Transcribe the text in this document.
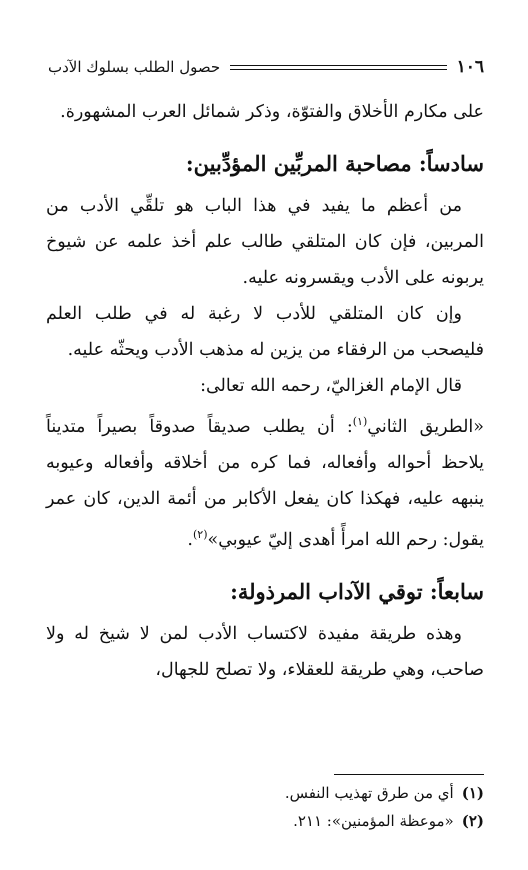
١٠٦
حصول الطلب بسلوك الآدب

على مكارم الأخلاق والفتوّة، وذكر شمائل العرب المشهورة.

سادساً: مصاحبة المربِّين المؤدِّبين:

من أعظم ما يفيد في هذا الباب هو تلقِّي الأدب من المربين، فإن كان المتلقي طالب علم أخذ علمه عن شيوخ يربونه على الأدب ويقسرونه عليه.

وإن كان المتلقي للأدب لا رغبة له في طلب العلم فليصحب من الرفقاء من يزين له مذهب الأدب ويحثّه عليه.

قال الإمام الغزاليّ، رحمه الله تعالى:

«الطريق الثاني$^{(١)}$: أن يطلب صديقاً صدوقاً بصيراً متديناً يلاحظ أحواله وأفعاله، فما كره من أخلاقه وأفعاله وعيوبه ينبهه عليه، فهكذا كان يفعل الأكابر من أئمة الدين، كان عمر يقول: رحم الله امرأً أهدى إليّ عيوبي»$^{(٢)}$.

سابعاً: توقي الآداب المرذولة:

وهذه طريقة مفيدة لاكتساب الأدب لمن لا شيخ له ولا صاحب، وهي طريقة للعقلاء، ولا تصلح للجهال،

(١)
أي من طرق تهذيب النفس.
(٢)
«موعظة المؤمنين»: ٢١١.
